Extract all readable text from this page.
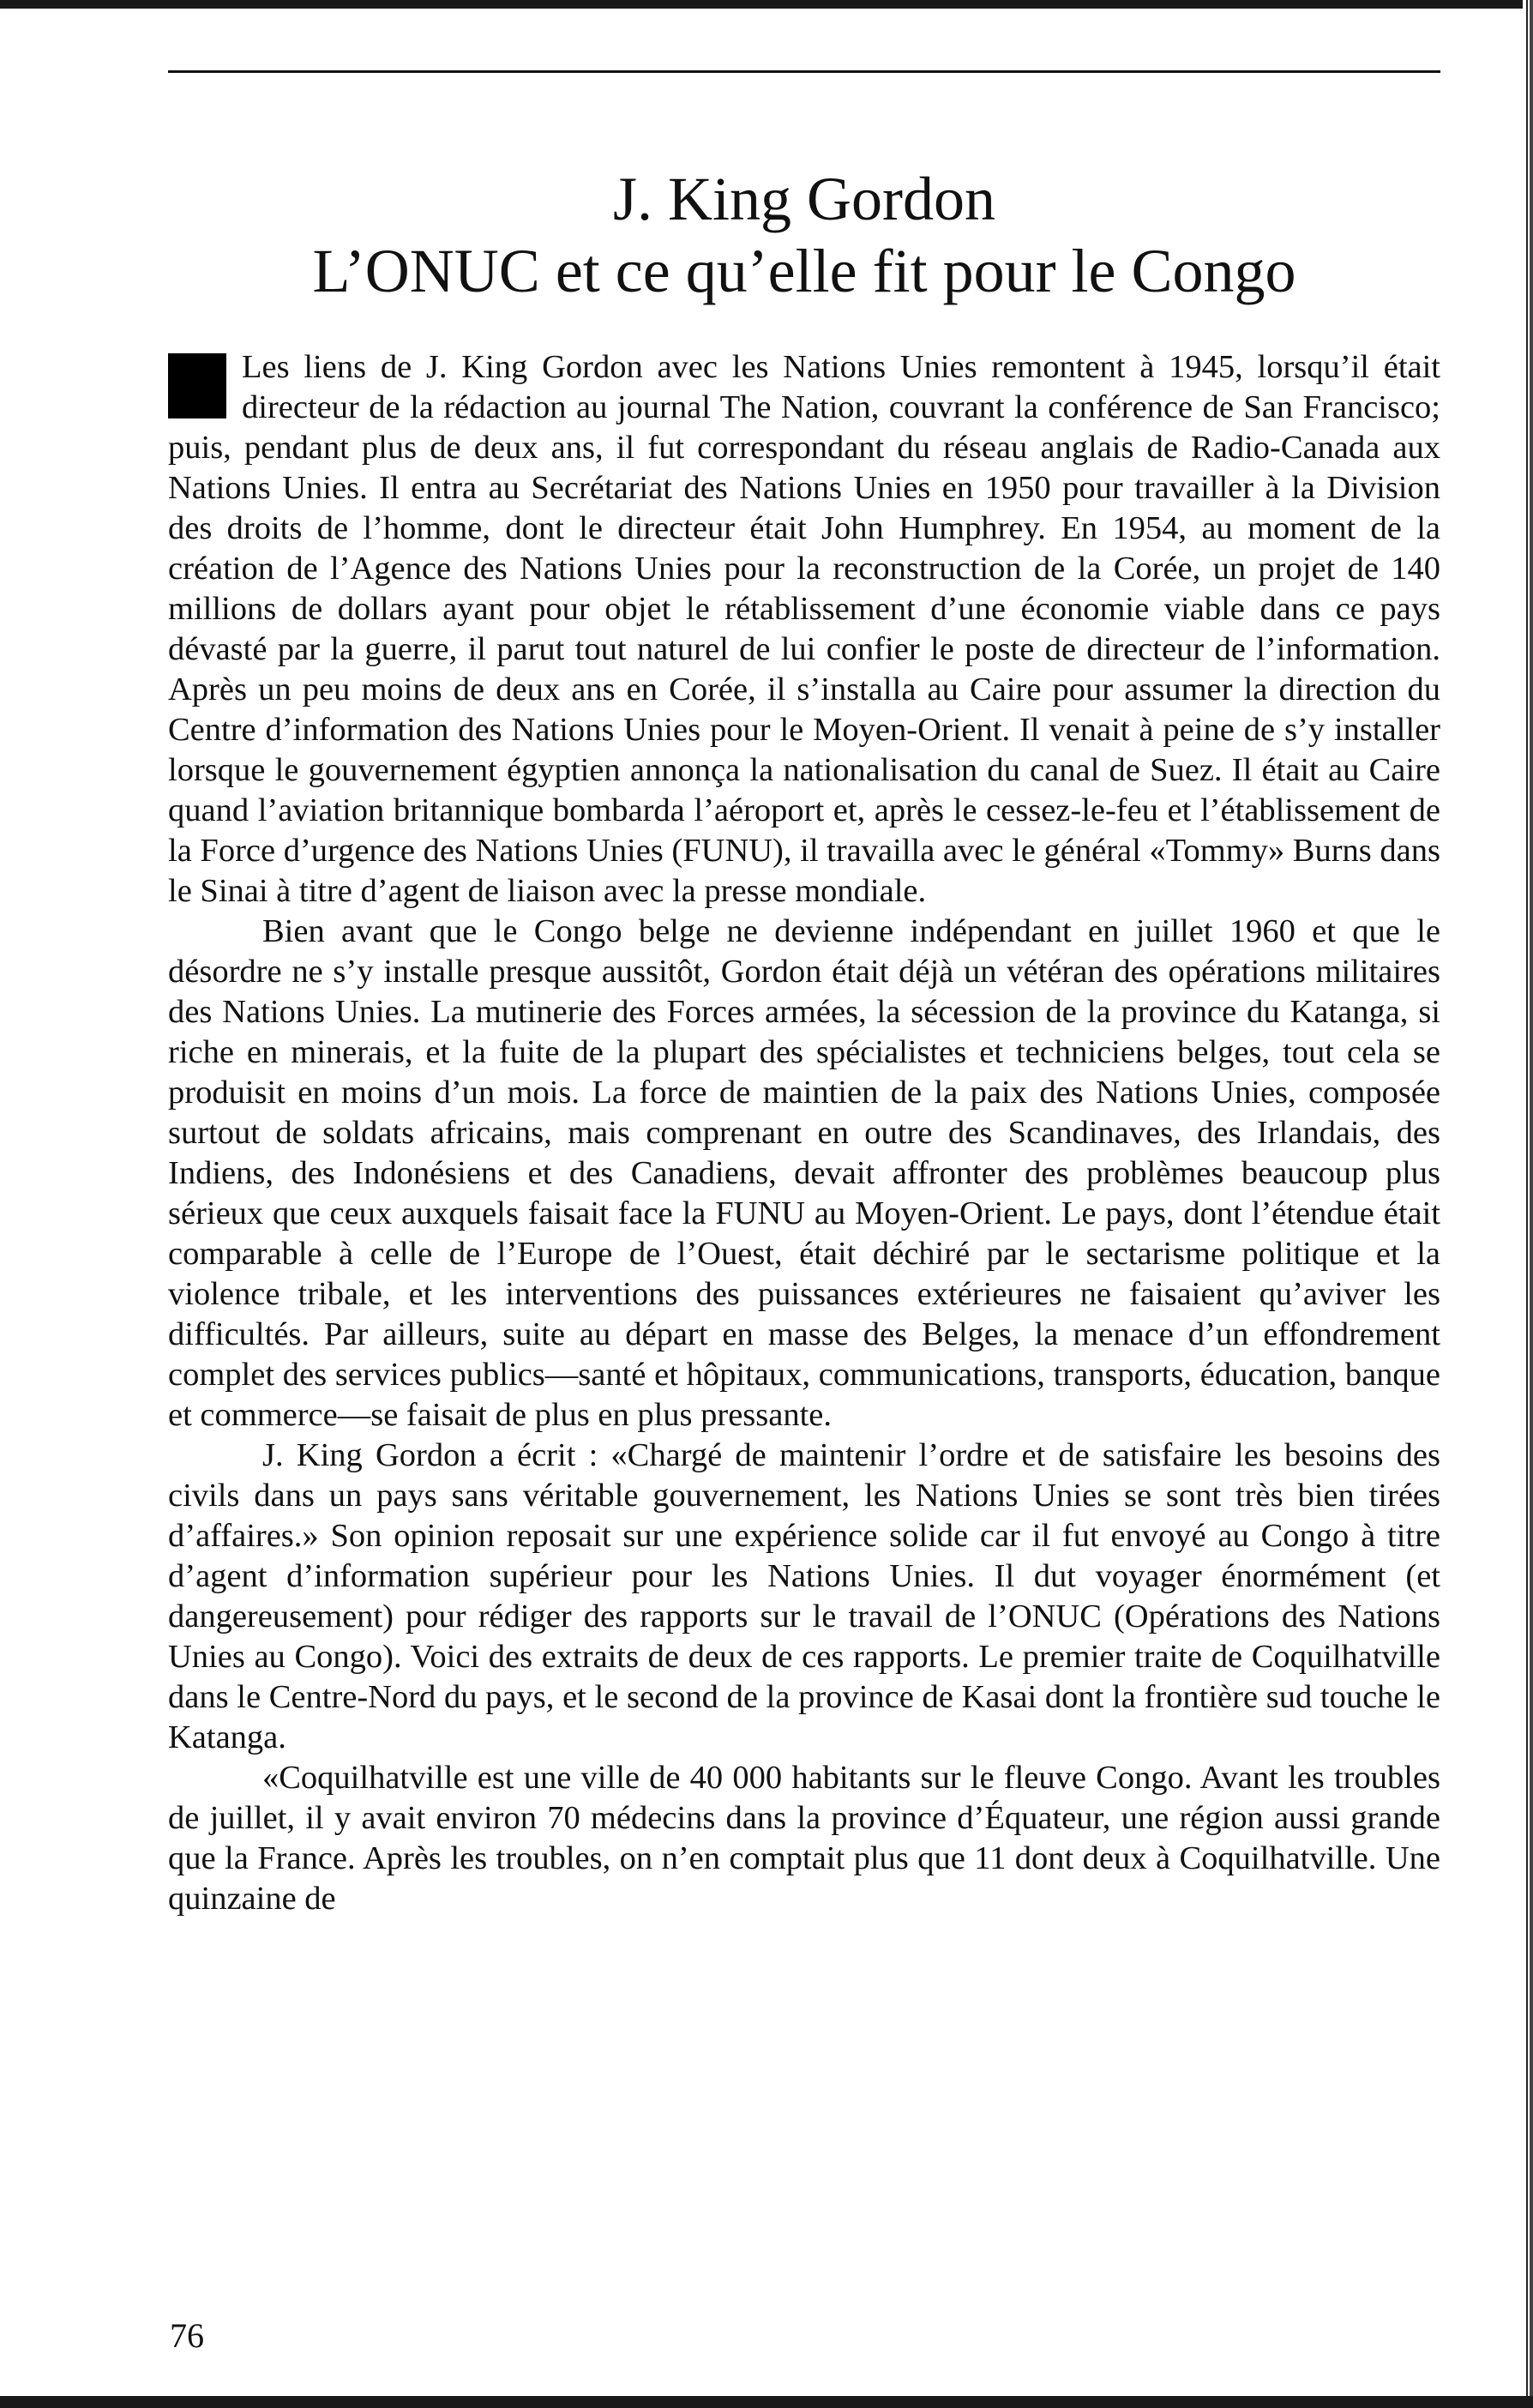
J. King Gordon
L’ONUC et ce qu’elle fit pour le Congo

Les liens de J. King Gordon avec les Nations Unies remontent à 1945, lorsqu’il était directeur de la rédaction au journal The Nation, couvrant la conférence de San Francisco; puis, pendant plus de deux ans, il fut correspondant du réseau anglais de Radio-Canada aux Nations Unies. Il entra au Secrétariat des Nations Unies en 1950 pour travailler à la Division des droits de l’homme, dont le directeur était John Humphrey. En 1954, au moment de la création de l’Agence des Nations Unies pour la reconstruction de la Corée, un projet de 140 millions de dollars ayant pour objet le rétablissement d’une économie viable dans ce pays dévasté par la guerre, il parut tout naturel de lui confier le poste de directeur de l’information. Après un peu moins de deux ans en Corée, il s’installa au Caire pour assumer la direction du Centre d’information des Nations Unies pour le Moyen-Orient. Il venait à peine de s’y installer lorsque le gouvernement égyptien annonça la nationalisation du canal de Suez. Il était au Caire quand l’aviation britannique bombarda l’aéroport et, après le cessez-le-feu et l’établissement de la Force d’urgence des Nations Unies (FUNU), il travailla avec le général «Tommy» Burns dans le Sinai à titre d’agent de liaison avec la presse mondiale.

Bien avant que le Congo belge ne devienne indépendant en juillet 1960 et que le désordre ne s’y installe presque aussitôt, Gordon était déjà un vétéran des opérations militaires des Nations Unies. La mutinerie des Forces armées, la sécession de la province du Katanga, si riche en minerais, et la fuite de la plupart des spécialistes et techniciens belges, tout cela se produisit en moins d’un mois. La force de maintien de la paix des Nations Unies, composée surtout de soldats africains, mais comprenant en outre des Scandinaves, des Irlandais, des Indiens, des Indonésiens et des Canadiens, devait affronter des problèmes beaucoup plus sérieux que ceux auxquels faisait face la FUNU au Moyen-Orient. Le pays, dont l’étendue était comparable à celle de l’Europe de l’Ouest, était déchiré par le sectarisme politique et la violence tribale, et les interventions des puissances extérieures ne faisaient qu’aviver les difficultés. Par ailleurs, suite au départ en masse des Belges, la menace d’un effondrement complet des services publics—santé et hôpitaux, communications, transports, éducation, banque et commerce—se faisait de plus en plus pressante.

J. King Gordon a écrit : «Chargé de maintenir l’ordre et de satisfaire les besoins des civils dans un pays sans véritable gouvernement, les Nations Unies se sont très bien tirées d’affaires.» Son opinion reposait sur une expérience solide car il fut envoyé au Congo à titre d’agent d’information supérieur pour les Nations Unies. Il dut voyager énormément (et dangereusement) pour rédiger des rapports sur le travail de l’ONUC (Opérations des Nations Unies au Congo). Voici des extraits de deux de ces rapports. Le premier traite de Coquilhatville dans le Centre-Nord du pays, et le second de la province de Kasai dont la frontière sud touche le Katanga.

«Coquilhatville est une ville de 40 000 habitants sur le fleuve Congo. Avant les troubles de juillet, il y avait environ 70 médecins dans la province d’Équateur, une région aussi grande que la France. Après les troubles, on n’en comptait plus que 11 dont deux à Coquilhatville. Une quinzaine de

76
